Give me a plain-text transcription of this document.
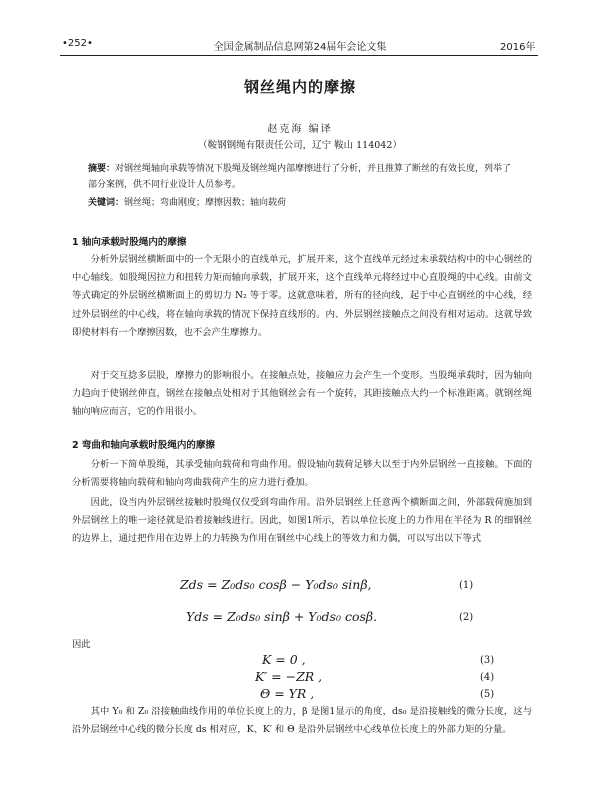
•252•	全国金属制品信息网第24届年会论文集	2016年
钢丝绳内的摩擦
赵克海 编译
（鞍钢钢绳有限责任公司，辽宁 鞍山 114042）
摘要：对钢丝绳轴向承载等情况下股绳及钢丝绳内部摩擦进行了分析，并且推算了断丝的有效长度，列举了部分案例，供不同行业设计人员参考。
关键词：钢丝绳；弯曲刚度；摩擦因数；轴向载荷
1 轴向承载时股绳内的摩擦
分析外层钢丝横断面中的一个无限小的直线单元，扩展开来，这个直线单元经过未承载结构中的中心钢丝的中心轴线。如股绳因拉力和扭转力矩而轴向承载，扩展开来，这个直线单元将经过中心直股绳的中心线。由前文等式确定的外层钢丝横断面上的剪切力 N₂ 等于零。这就意味着，所有的径向线，起于中心直钢丝的中心线，经过外层钢丝的中心线，将在轴向承载的情况下保持直线形的。内、外层钢丝接触点之间没有相对运动。这就导致即使材料有一个摩擦因数，也不会产生摩擦力。
对于交互捻多层股，摩擦力的影响很小。在接触点处，接触应力会产生一个变形。当股绳承载时，因为轴向力趋向于使钢丝伸直，钢丝在接触点处相对于其他钢丝会有一个旋转，其距接触点大约一个标准距离。就钢丝绳轴向响应而言，它的作用很小。
2 弯曲和轴向承载时股绳内的摩擦
分析一下简单股绳，其承受轴向载荷和弯曲作用。假设轴向载荷足够大以至于内外层钢丝一直接触。下面的分析需要将轴向载荷和轴向弯曲载荷产生的应力进行叠加。
因此，设当内外层钢丝接触时股绳仅仅受到弯曲作用。沿外层钢丝上任意两个横断面之间，外部载荷施加到外层钢丝上的唯一途径就是沿着接触线进行。因此，如图1所示，若以单位长度上的力作用在半径为 R 的细钢丝的边界上，通过把作用在边界上的力转换为作用在钢丝中心线上的等效力和力偶，可以写出以下等式
Zds = Z₀ds₀ cosβ − Y₀ds₀ sinβ,	(1)
Yds = Z₀ds₀ sinβ + Y₀ds₀ cosβ.	(2)
因此
K = 0 ,	(3)
K′ = −ZR ,	(4)
Θ = YR ,	(5)
其中 Y₀ 和 Z₀ 沿接触曲线作用的单位长度上的力，β 是图1显示的角度，ds₀ 是沿接触线的微分长度，这与沿外层钢丝中心线的微分长度 ds 相对应，K、K′ 和 Θ 是沿外层钢丝中心线单位长度上的外部力矩的分量。
